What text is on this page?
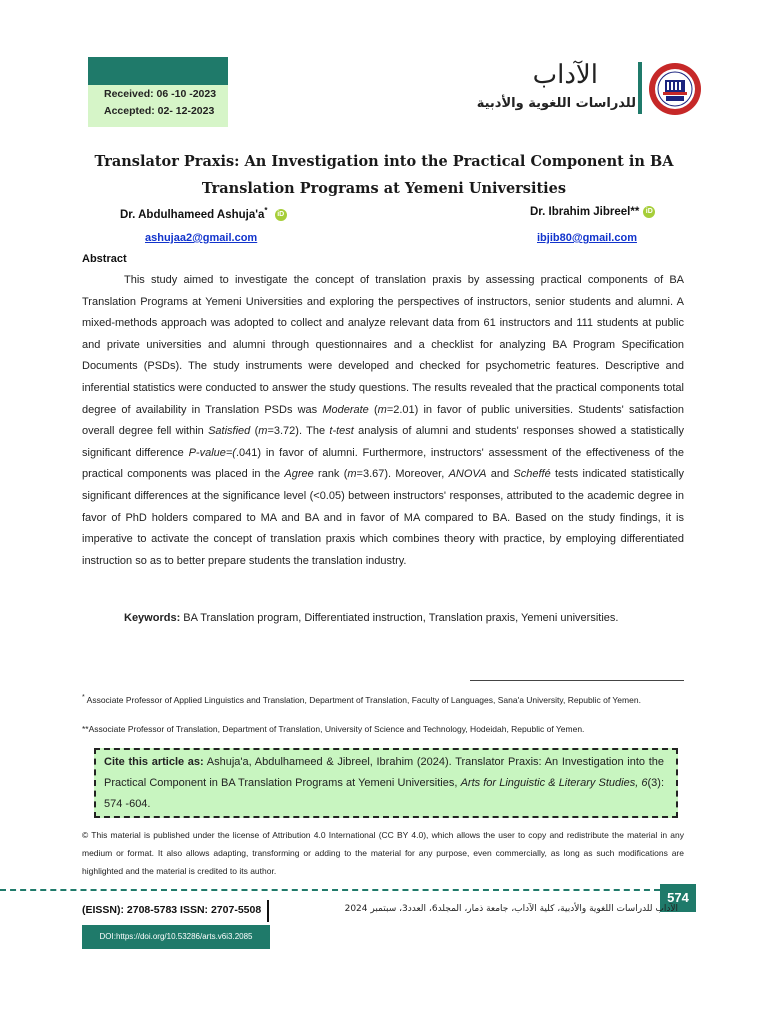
Received: 06 -10 -2023
Accepted: 02- 12-2023
الآداب
للدراسات اللغوية والأدبية
Translator Praxis: An Investigation into the Practical Component in BA Translation Programs at Yemeni Universities
Dr. Abdulhameed Ashuja'a* iD	Dr. Ibrahim Jibreel** iD
ashujaa2@gmail.com	ibjib80@gmail.com
Abstract
This study aimed to investigate the concept of translation praxis by assessing practical components of BA Translation Programs at Yemeni Universities and exploring the perspectives of instructors, senior students and alumni. A mixed-methods approach was adopted to collect and analyze relevant data from 61 instructors and 111 students at public and private universities and alumni through questionnaires and a checklist for analyzing BA Program Specification Documents (PSDs). The study instruments were developed and checked for psychometric features. Descriptive and inferential statistics were conducted to answer the study questions. The results revealed that the practical components total degree of availability in Translation PSDs was Moderate (m=2.01) in favor of public universities. Students' satisfaction overall degree fell within Satisfied (m=3.72). The t-test analysis of alumni and students' responses showed a statistically significant difference P-value=(.041) in favor of alumni. Furthermore, instructors' assessment of the effectiveness of the practical components was placed in the Agree rank (m=3.67). Moreover, ANOVA and Scheffé tests indicated statistically significant differences at the significance level (<0.05) between instructors' responses, attributed to the academic degree in favor of PhD holders compared to MA and BA and in favor of MA compared to BA. Based on the study findings, it is imperative to activate the concept of translation praxis which combines theory with practice, by employing differentiated instruction so as to better prepare students the translation industry.
Keywords: BA Translation program, Differentiated instruction, Translation praxis, Yemeni universities.
* Associate Professor of Applied Linguistics and Translation, Department of Translation, Faculty of Languages, Sana'a University, Republic of Yemen.
**Associate Professor of Translation, Department of Translation, University of Science and Technology, Hodeidah, Republic of Yemen.
Cite this article as: Ashuja'a, Abdulhameed & Jibreel, Ibrahim (2024). Translator Praxis: An Investigation into the Practical Component in BA Translation Programs at Yemeni Universities, Arts for Linguistic & Literary Studies, 6(3): 574 -604.
© This material is published under the license of Attribution 4.0 International (CC BY 4.0), which allows the user to copy and redistribute the material in any medium or format. It also allows adapting, transforming or adding to the material for any purpose, even commercially, as long as such modifications are highlighted and the material is credited to its author.
574
(EISSN): 2708-5783 ISSN: 2707-5508	الآداب للدراسات اللغوية والأدبية، كلية الآداب، جامعة ذمار، المجلد6، العدد3، سبتمبر 2024
DOI:https://doi.org/10.53286/arts.v6i3.2085
